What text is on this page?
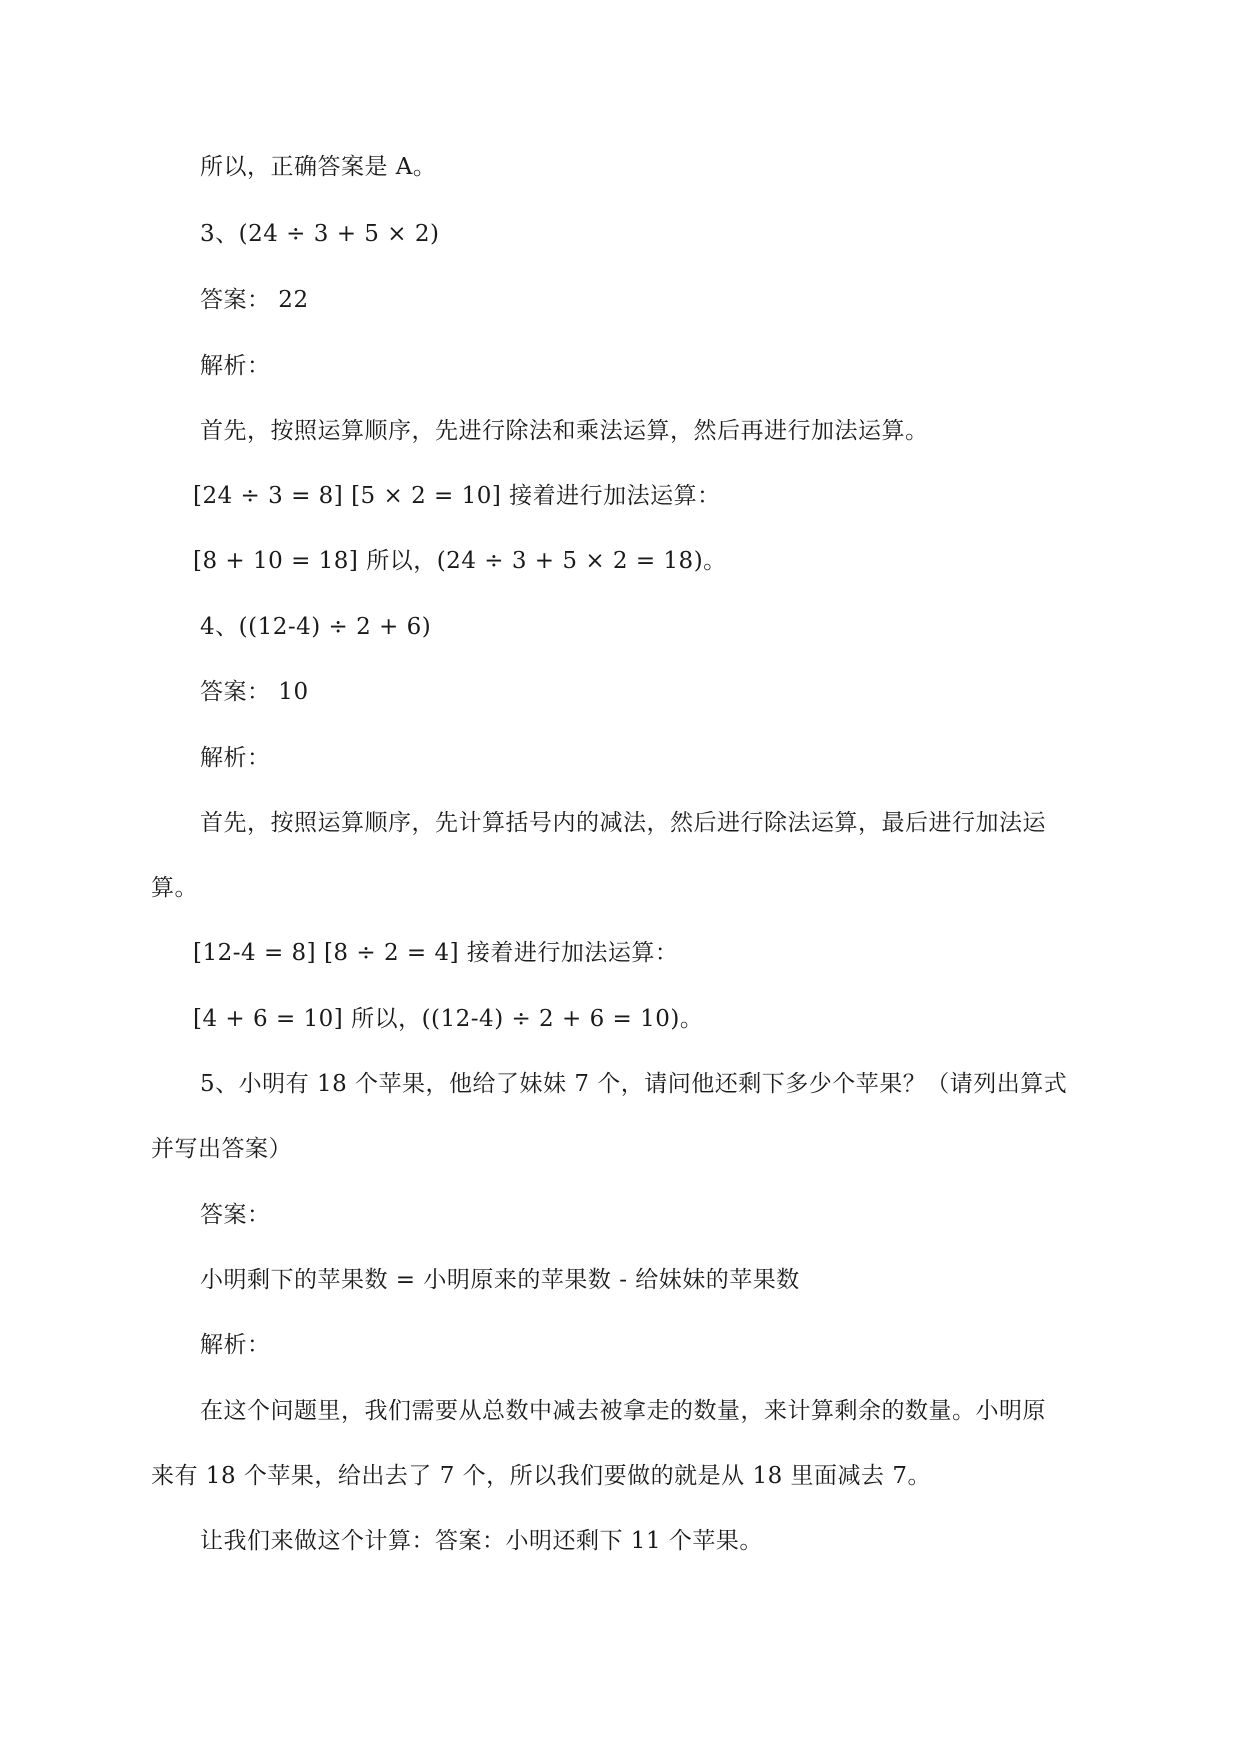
所以，正确答案是 A。
3、(24 ÷ 3 + 5 × 2)
答案： 22
解析：
首先，按照运算顺序，先进行除法和乘法运算，然后再进行加法运算。
[24 ÷ 3 = 8] [5 × 2 = 10] 接着进行加法运算：
[8 + 10 = 18] 所以，(24 ÷ 3 + 5 × 2 = 18)。
4、((12-4) ÷ 2 + 6)
答案： 10
解析：
首先，按照运算顺序，先计算括号内的减法，然后进行除法运算，最后进行加法运
算。
[12-4 = 8] [8 ÷ 2 = 4] 接着进行加法运算：
[4 + 6 = 10] 所以，((12-4) ÷ 2 + 6 = 10)。
5、小明有 18 个苹果，他给了妹妹 7 个，请问他还剩下多少个苹果？（请列出算式
并写出答案）
答案：
小明剩下的苹果数 = 小明原来的苹果数 - 给妹妹的苹果数
解析：
在这个问题里，我们需要从总数中减去被拿走的数量，来计算剩余的数量。小明原
来有 18 个苹果，给出去了 7 个，所以我们要做的就是从 18 里面减去 7。
让我们来做这个计算：答案：小明还剩下 11 个苹果。
